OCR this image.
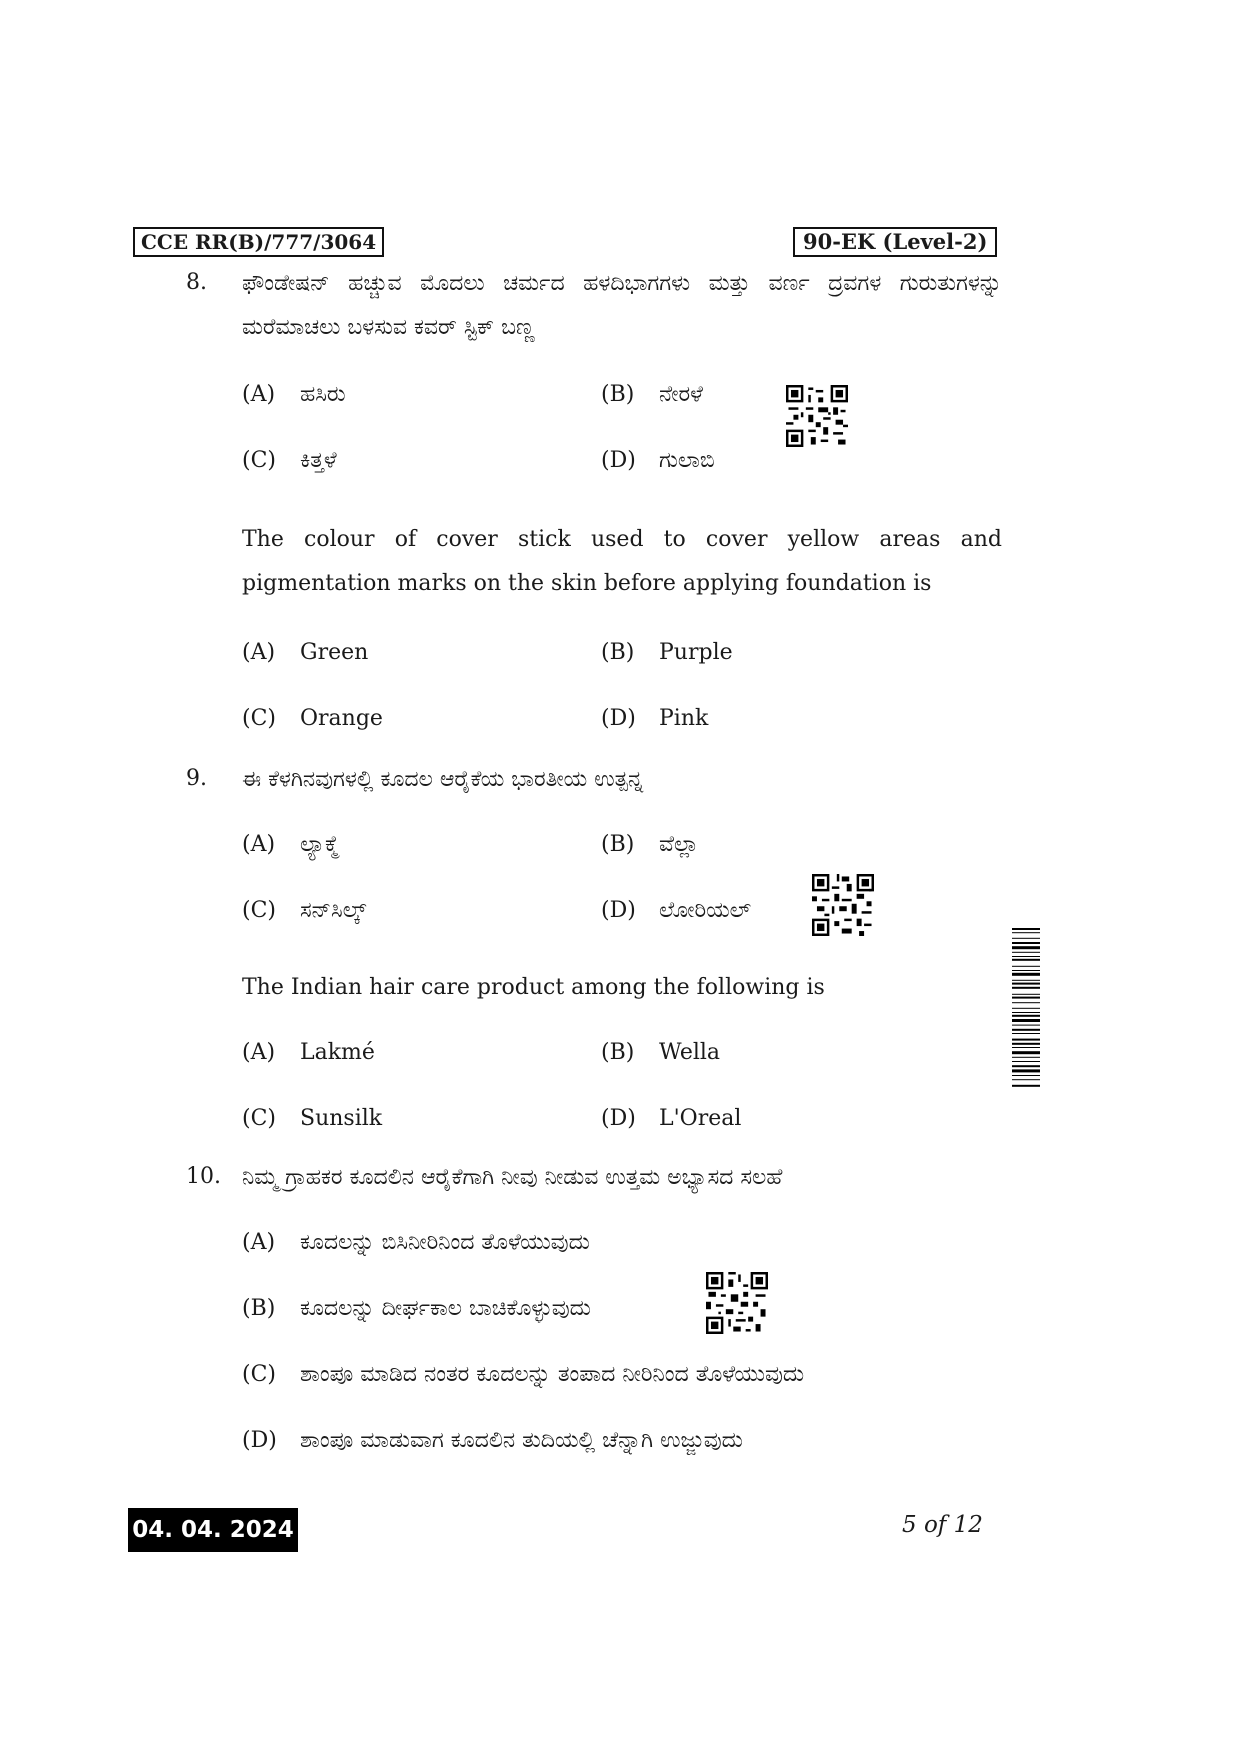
CCE RR(B)/777/3064	90-EK (Level-2)
8. ಫೌಂಡೇಷನ್ ಹಚ್ಚುವ ಮೊದಲು ಚರ್ಮದ ಹಳದಿಭಾಗಗಳು ಮತ್ತು ವರ್ಣ ದ್ರವಗಳ ಗುರುತುಗಳನ್ನು ಮರೆಮಾಚಲು ಬಳಸುವ ಕವರ್ ಸ್ಟಿಕ್ ಬಣ್ಣ
(A) ಹಸಿರು	(B) ನೇರಳೆ
(C) ಕಿತ್ತಳೆ	(D) ಗುಲಾಬಿ
The colour of cover stick used to cover yellow areas and pigmentation marks on the skin before applying foundation is
(A) Green	(B) Purple
(C) Orange	(D) Pink
9. ಈ ಕೆಳಗಿನವುಗಳಲ್ಲಿ ಕೂದಲ ಆರೈಕೆಯ ಭಾರತೀಯ ಉತ್ಪನ್ನ
(A) ಲ್ಯಾಕ್ಮೆ	(B) ವೆಲ್ಲಾ
(C) ಸನ್‌ಸಿಲ್ಕ್	(D) ಲೋರಿಯಲ್
The Indian hair care product among the following is
(A) Lakmé	(B) Wella
(C) Sunsilk	(D) L'Oreal
10. ನಿಮ್ಮ ಗ್ರಾಹಕರ ಕೂದಲಿನ ಆರೈಕೆಗಾಗಿ ನೀವು ನೀಡುವ ಉತ್ತಮ ಅಭ್ಯಾಸದ ಸಲಹೆ
(A) ಕೂದಲನ್ನು ಬಿಸಿನೀರಿನಿಂದ ತೊಳೆಯುವುದು
(B) ಕೂದಲನ್ನು ದೀರ್ಘಕಾಲ ಬಾಚಿಕೊಳ್ಳುವುದು
(C) ಶಾಂಪೂ ಮಾಡಿದ ನಂತರ ಕೂದಲನ್ನು ತಂಪಾದ ನೀರಿನಿಂದ ತೊಳೆಯುವುದು
(D) ಶಾಂಪೂ ಮಾಡುವಾಗ ಕೂದಲಿನ ತುದಿಯಲ್ಲಿ ಚೆನ್ನಾಗಿ ಉಜ್ಜುವುದು
04. 04. 2024	5 of 12
